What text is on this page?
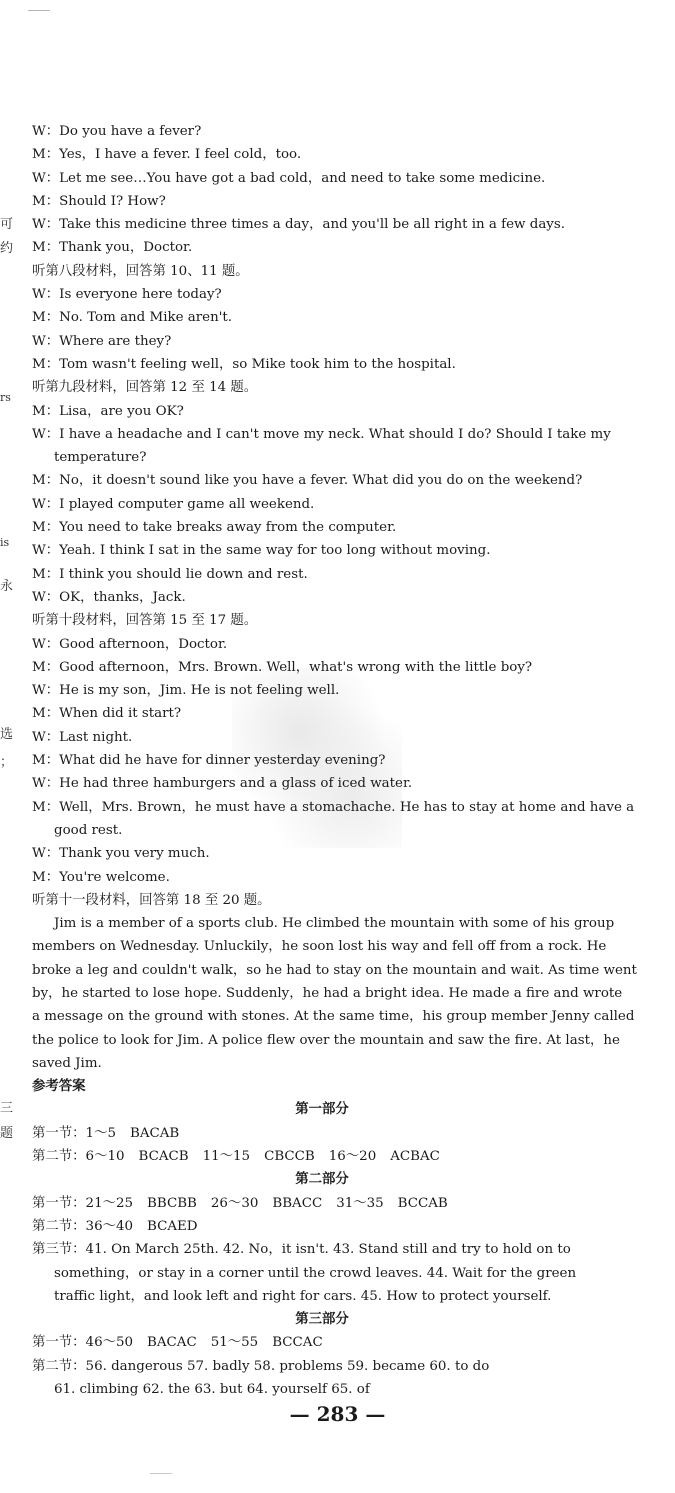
可
约
rs
is
永
选
；
三
题
W：Do you have a fever?
M：Yes，I have a fever. I feel cold，too.
W：Let me see…You have got a bad cold，and need to take some medicine.
M：Should I? How?
W：Take this medicine three times a day，and you'll be all right in a few days.
M：Thank you，Doctor.
听第八段材料，回答第 10、11 题。
W：Is everyone here today?
M：No. Tom and Mike aren't.
W：Where are they?
M：Tom wasn't feeling well，so Mike took him to the hospital.
听第九段材料，回答第 12 至 14 题。
M：Lisa，are you OK?
W：I have a headache and I can't move my neck. What should I do? Should I take my
temperature?
M：No，it doesn't sound like you have a fever. What did you do on the weekend?
W：I played computer game all weekend.
M：You need to take breaks away from the computer.
W：Yeah. I think I sat in the same way for too long without moving.
M：I think you should lie down and rest.
W：OK，thanks，Jack.
听第十段材料，回答第 15 至 17 题。
W：Good afternoon，Doctor.
M：Good afternoon，Mrs. Brown. Well，what's wrong with the little boy?
W：He is my son，Jim. He is not feeling well.
M：When did it start?
W：Last night.
M：What did he have for dinner yesterday evening?
W：He had three hamburgers and a glass of iced water.
M：Well，Mrs. Brown，he must have a stomachache. He has to stay at home and have a
good rest.
W：Thank you very much.
M：You're welcome.
听第十一段材料，回答第 18 至 20 题。
Jim is a member of a sports club. He climbed the mountain with some of his group
members on Wednesday. Unluckily，he soon lost his way and fell off from a rock. He
broke a leg and couldn't walk，so he had to stay on the mountain and wait. As time went
by，he started to lose hope. Suddenly，he had a bright idea. He made a fire and wrote
a message on the ground with stones. At the same time，his group member Jenny called
the police to look for Jim. A police flew over the mountain and saw the fire. At last，he
saved Jim.
参考答案
第一部分
第一节：1～5 BACAB
第二节：6～10 BCACB 11～15 CBCCB 16～20 ACBAC
第二部分
第一节：21～25 BBCBB 26～30 BBACC 31～35 BCCAB
第二节：36～40 BCAED
第三节：41. On March 25th. 42. No，it isn't. 43. Stand still and try to hold on to
something，or stay in a corner until the crowd leaves. 44. Wait for the green
traffic light，and look left and right for cars. 45. How to protect yourself.
第三部分
第一节：46～50 BACAC 51～55 BCCAC
第二节：56. dangerous 57. badly 58. problems 59. became 60. to do
61. climbing 62. the 63. but 64. yourself 65. of
— 283 —
